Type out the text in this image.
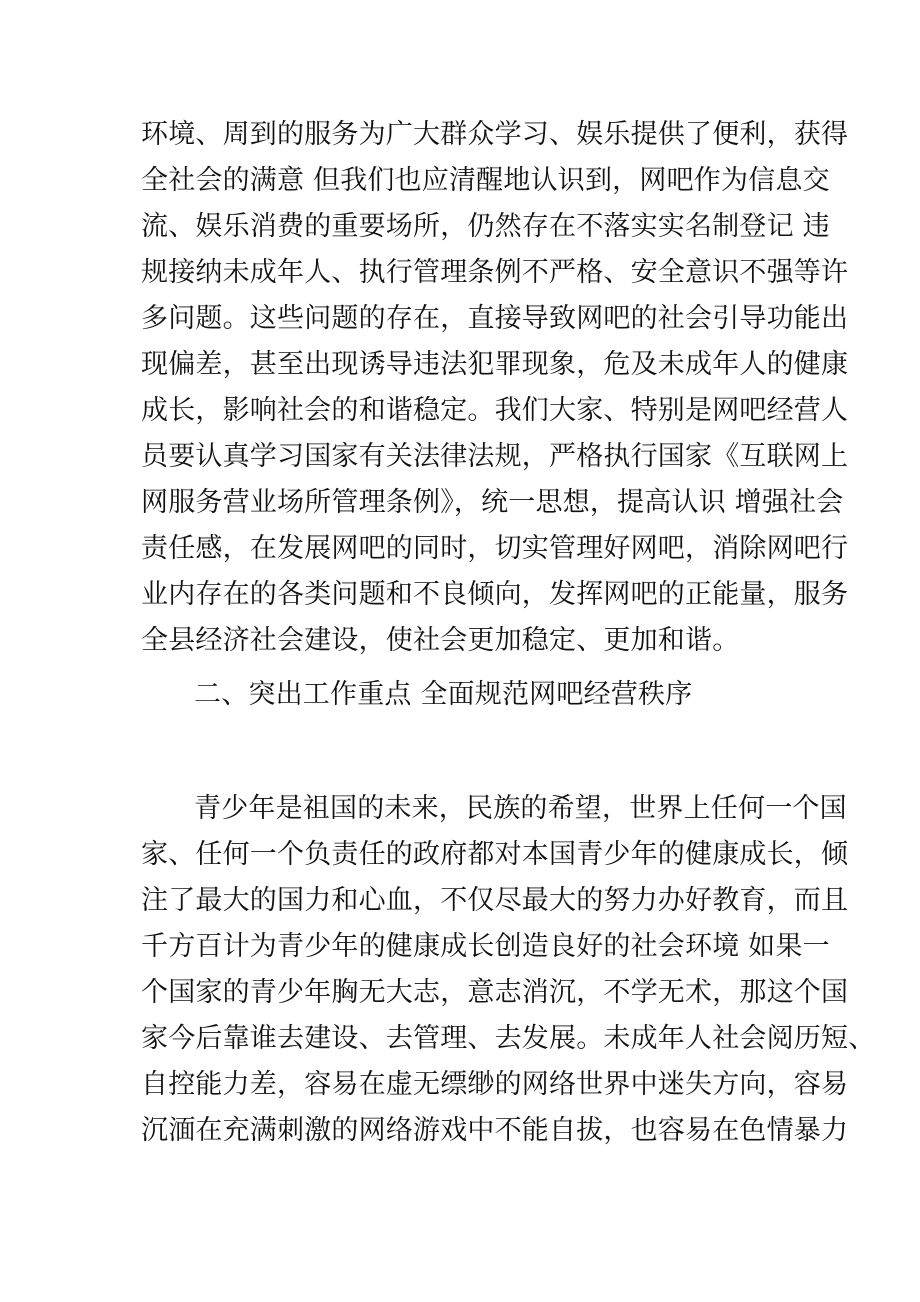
环境、周到的服务为广大群众学习、娱乐提供了便利，获得
全社会的满意 但我们也应清醒地认识到，网吧作为信息交
流、娱乐消费的重要场所，仍然存在不落实实名制登记 违
规接纳未成年人、执行管理条例不严格、安全意识不强等许
多问题。这些问题的存在，直接导致网吧的社会引导功能出
现偏差，甚至出现诱导违法犯罪现象，危及未成年人的健康
成长，影响社会的和谐稳定。我们大家、特别是网吧经营人
员要认真学习国家有关法律法规，严格执行国家《互联网上
网服务营业场所管理条例》，统一思想，提高认识 增强社会
责任感，在发展网吧的同时，切实管理好网吧，消除网吧行
业内存在的各类问题和不良倾向，发挥网吧的正能量，服务
全县经济社会建设，使社会更加稳定、更加和谐。
二、突出工作重点 全面规范网吧经营秩序
青少年是祖国的未来，民族的希望，世界上任何一个国
家、任何一个负责任的政府都对本国青少年的健康成长，倾
注了最大的国力和心血，不仅尽最大的努力办好教育，而且
千方百计为青少年的健康成长创造良好的社会环境 如果一
个国家的青少年胸无大志，意志消沉，不学无术，那这个国
家今后靠谁去建设、去管理、去发展。未成年人社会阅历短、
自控能力差，容易在虚无缥缈的网络世界中迷失方向，容易
沉湎在充满刺激的网络游戏中不能自拔，也容易在色情暴力
